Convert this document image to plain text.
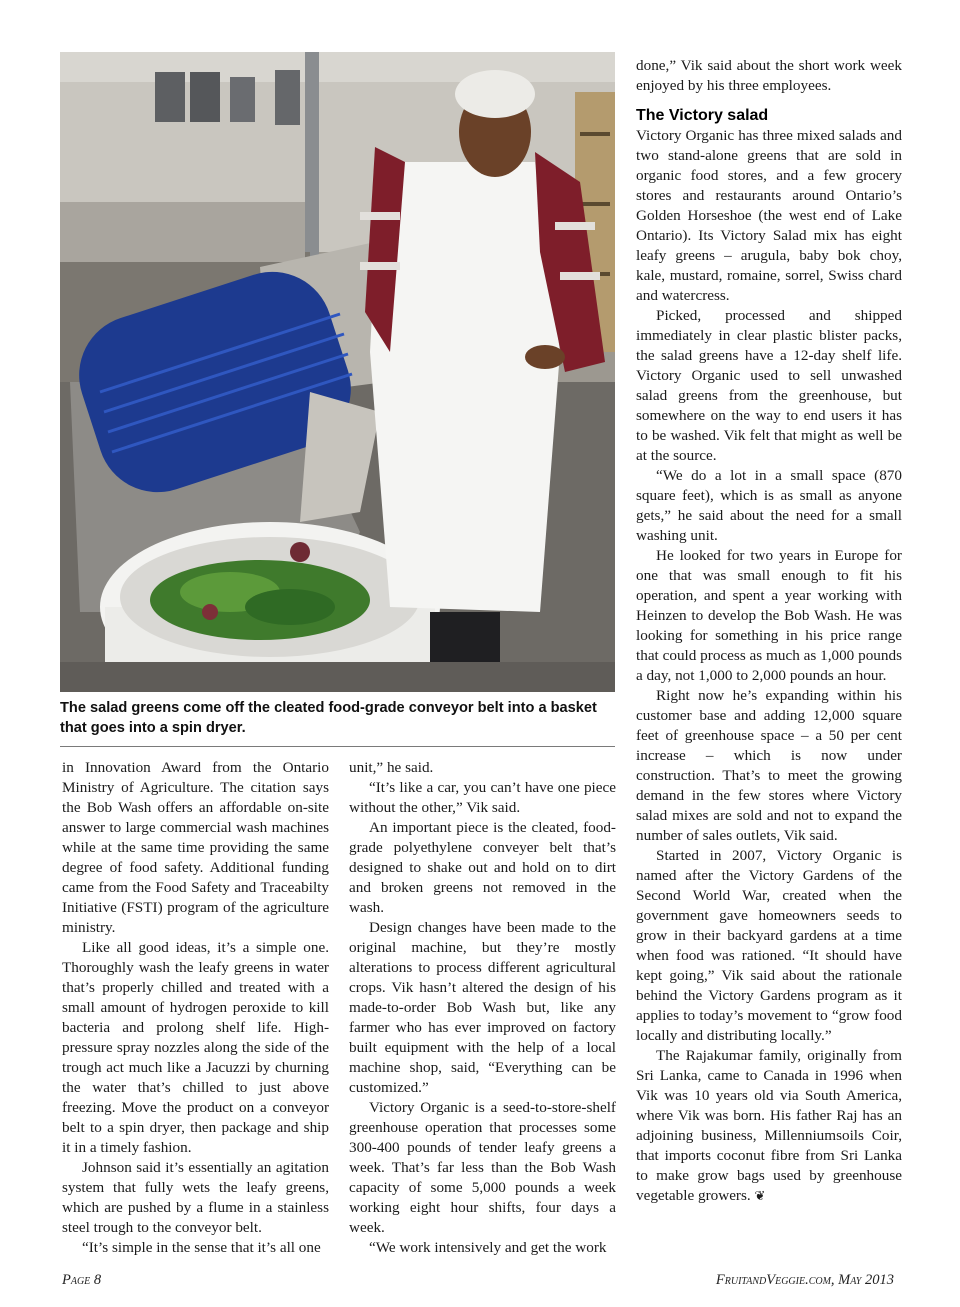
The salad greens come off the cleated food-grade conveyor belt into a basket that goes into a spin dryer.

in Innovation Award from the Ontario Ministry of Agriculture. The citation says the Bob Wash offers an affordable on-site answer to large commercial wash machines while at the same time providing the same degree of food safety. Additional funding came from the Food Safety and Traceabilty Initiative (FSTI) program of the agriculture ministry.

Like all good ideas, it’s a simple one. Thoroughly wash the leafy greens in water that’s properly chilled and treated with a small amount of hydrogen peroxide to kill bacteria and prolong shelf life. High-pressure spray nozzles along the side of the trough act much like a Jacuzzi by churning the water that’s chilled to just above freezing. Move the product on a conveyor belt to a spin dryer, then package and ship it in a timely fashion.

Johnson said it’s essentially an agitation system that fully wets the leafy greens, which are pushed by a flume in a stainless steel trough to the conveyor belt.

“It’s simple in the sense that it’s all one

unit,” he said.

“It’s like a car, you can’t have one piece without the other,” Vik said.

An important piece is the cleated, food-grade polyethylene conveyer belt that’s designed to shake out and hold on to dirt and broken greens not removed in the wash.

Design changes have been made to the original machine, but they’re mostly alterations to process different agricultural crops. Vik hasn’t altered the design of his made-to-order Bob Wash but, like any farmer who has ever improved on factory built equipment with the help of a local machine shop, said, “Everything can be customized.”

Victory Organic is a seed-to-store-shelf greenhouse operation that processes some 300-400 pounds of tender leafy greens a week. That’s far less than the Bob Wash capacity of some 5,000 pounds a week working eight hour shifts, four days a week.

“We work intensively and get the work

done,” Vik said about the short work week enjoyed by his three employees.

The Victory salad

Victory Organic has three mixed salads and two stand-alone greens that are sold in organic food stores, and a few grocery stores and restaurants around Ontario’s Golden Horseshoe (the west end of Lake Ontario). Its Victory Salad mix has eight leafy greens – arugula, baby bok choy, kale, mustard, romaine, sorrel, Swiss chard and watercress.

Picked, processed and shipped immediately in clear plastic blister packs, the salad greens have a 12-day shelf life. Victory Organic used to sell unwashed salad greens from the greenhouse, but somewhere on the way to end users it has to be washed. Vik felt that might as well be at the source.

“We do a lot in a small space (870 square feet), which is as small as anyone gets,” he said about the need for a small washing unit.

He looked for two years in Europe for one that was small enough to fit his operation, and spent a year working with Heinzen to develop the Bob Wash. He was looking for something in his price range that could process as much as 1,000 pounds a day, not 1,000 to 2,000 pounds an hour.

Right now he’s expanding within his customer base and adding 12,000 square feet of greenhouse space – a 50 per cent increase – which is now under construction. That’s to meet the growing demand in the few stores where Victory salad mixes are sold and not to expand the number of sales outlets, Vik said.

Started in 2007, Victory Organic is named after the Victory Gardens of the Second World War, created when the government gave homeowners seeds to grow in their backyard gardens at a time when food was rationed. “It should have kept going,” Vik said about the rationale behind the Victory Gardens program as it applies to today’s movement to “grow food locally and distributing locally.”

The Rajakumar family, originally from Sri Lanka, came to Canada in 1996 when Vik was 10 years old via South America, where Vik was born. His father Raj has an adjoining business, Millenniumsoils Coir, that imports coconut fibre from Sri Lanka to make grow bags used by greenhouse vegetable growers. ❦

Page 8	FruitandVeggie.com, May 2013
